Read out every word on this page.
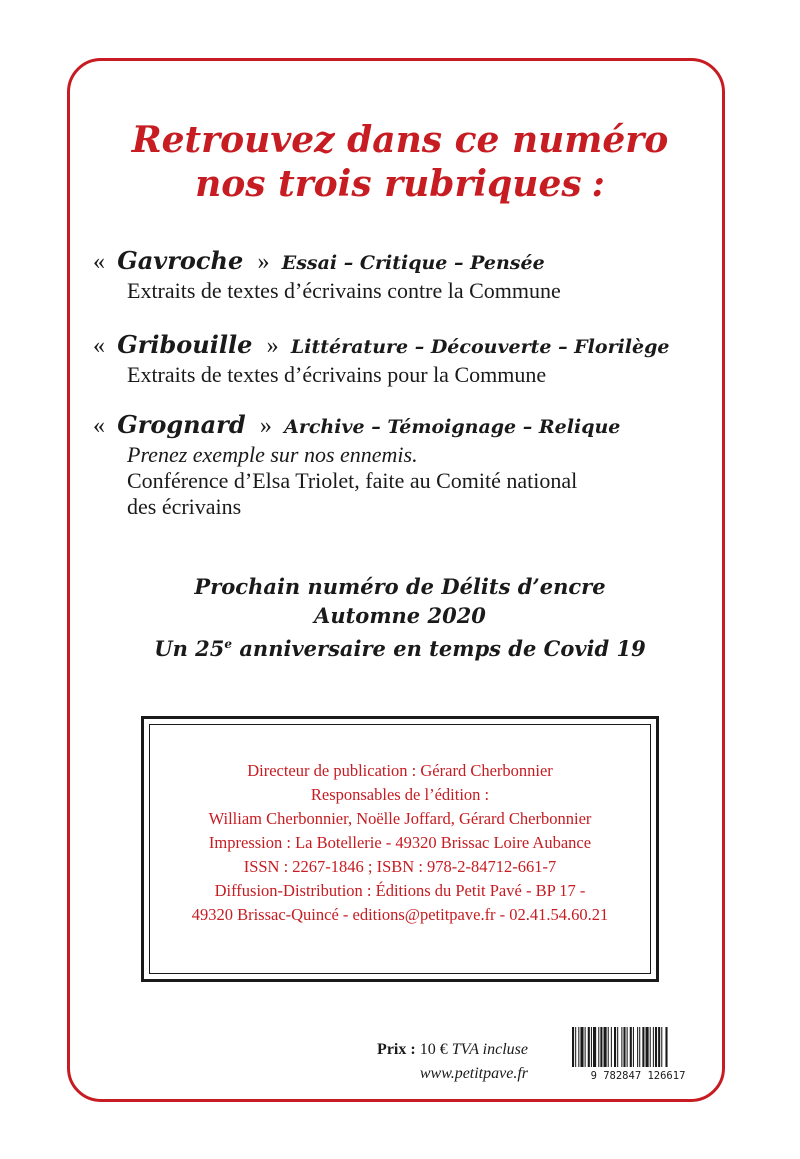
Retrouvez dans ce numéro
nos trois rubriques :
« Gavroche » Essai – Critique – Pensée
Extraits de textes d’écrivains contre la Commune
« Gribouille » Littérature – Découverte – Florilège
Extraits de textes d’écrivains pour la Commune
« Grognard » Archive – Témoignage – Relique
Prenez exemple sur nos ennemis.
Conférence d’Elsa Triolet, faite au Comité national
des écrivains
Prochain numéro de Délits d’encre
Automne 2020
Un 25e anniversaire en temps de Covid 19
Directeur de publication : Gérard Cherbonnier
Responsables de l’édition :
William Cherbonnier, Noëlle Joffard, Gérard Cherbonnier
Impression : La Botellerie - 49320 Brissac Loire Aubance
ISSN : 2267-1846 ; ISBN : 978-2-84712-661-7
Diffusion-Distribution : Éditions du Petit Pavé - BP 17 -
49320 Brissac-Quincé - editions@petitpave.fr - 02.41.54.60.21
Prix : 10 € TVA incluse
www.petitpave.fr	9 782847 126617
